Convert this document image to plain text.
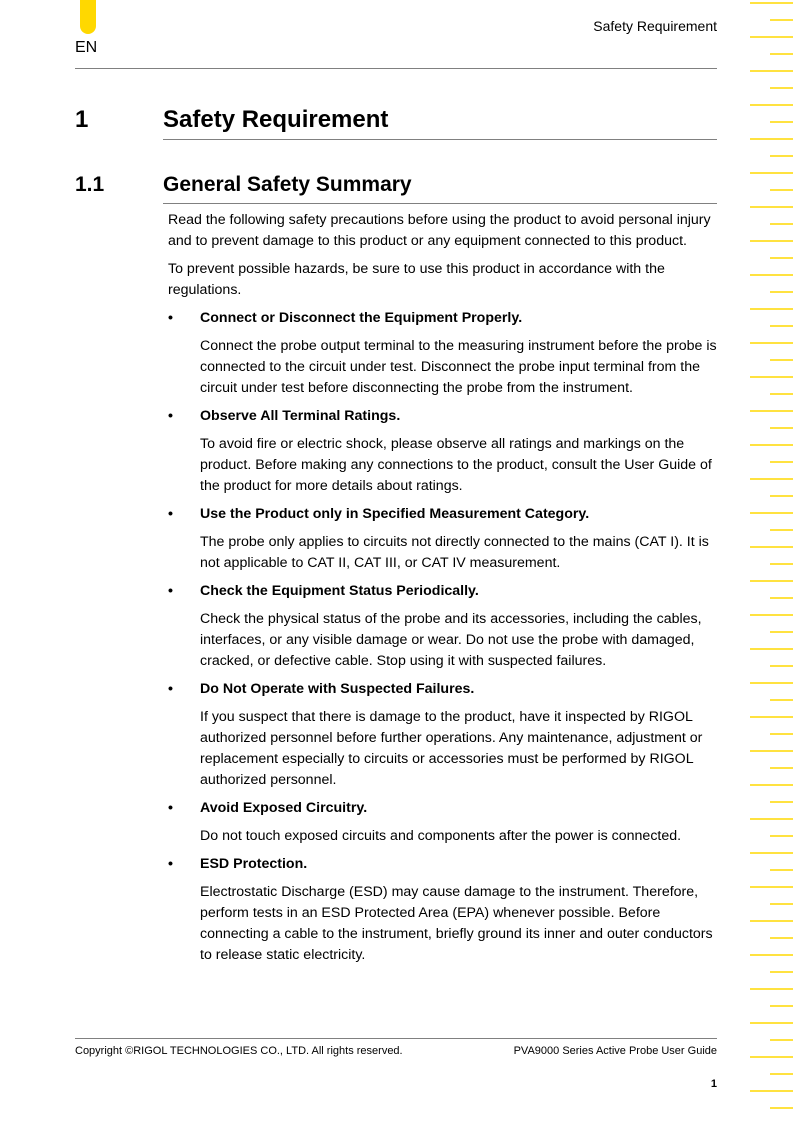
EN
Safety Requirement
1	Safety Requirement
1.1	General Safety Summary

Read the following safety precautions before using the product to avoid personal injury and to prevent damage to this product or any equipment connected to this product.

To prevent possible hazards, be sure to use this product in accordance with the regulations.

• Connect or Disconnect the Equipment Properly.

Connect the probe output terminal to the measuring instrument before the probe is connected to the circuit under test. Disconnect the probe input terminal from the circuit under test before disconnecting the probe from the instrument.

• Observe All Terminal Ratings.

To avoid fire or electric shock, please observe all ratings and markings on the product. Before making any connections to the product, consult the User Guide of the product for more details about ratings.

• Use the Product only in Specified Measurement Category.

The probe only applies to circuits not directly connected to the mains (CAT I). It is not applicable to CAT II, CAT III, or CAT IV measurement.

• Check the Equipment Status Periodically.

Check the physical status of the probe and its accessories, including the cables, interfaces, or any visible damage or wear. Do not use the probe with damaged, cracked, or defective cable. Stop using it with suspected failures.

• Do Not Operate with Suspected Failures.

If you suspect that there is damage to the product, have it inspected by RIGOL authorized personnel before further operations. Any maintenance, adjustment or replacement especially to circuits or accessories must be performed by RIGOL authorized personnel.

• Avoid Exposed Circuitry.

Do not touch exposed circuits and components after the power is connected.

• ESD Protection.

Electrostatic Discharge (ESD) may cause damage to the instrument. Therefore, perform tests in an ESD Protected Area (EPA) whenever possible. Before connecting a cable to the instrument, briefly ground its inner and outer conductors to release static electricity.

Copyright ©RIGOL TECHNOLOGIES CO., LTD. All rights reserved.	PVA9000 Series Active Probe User Guide
1
